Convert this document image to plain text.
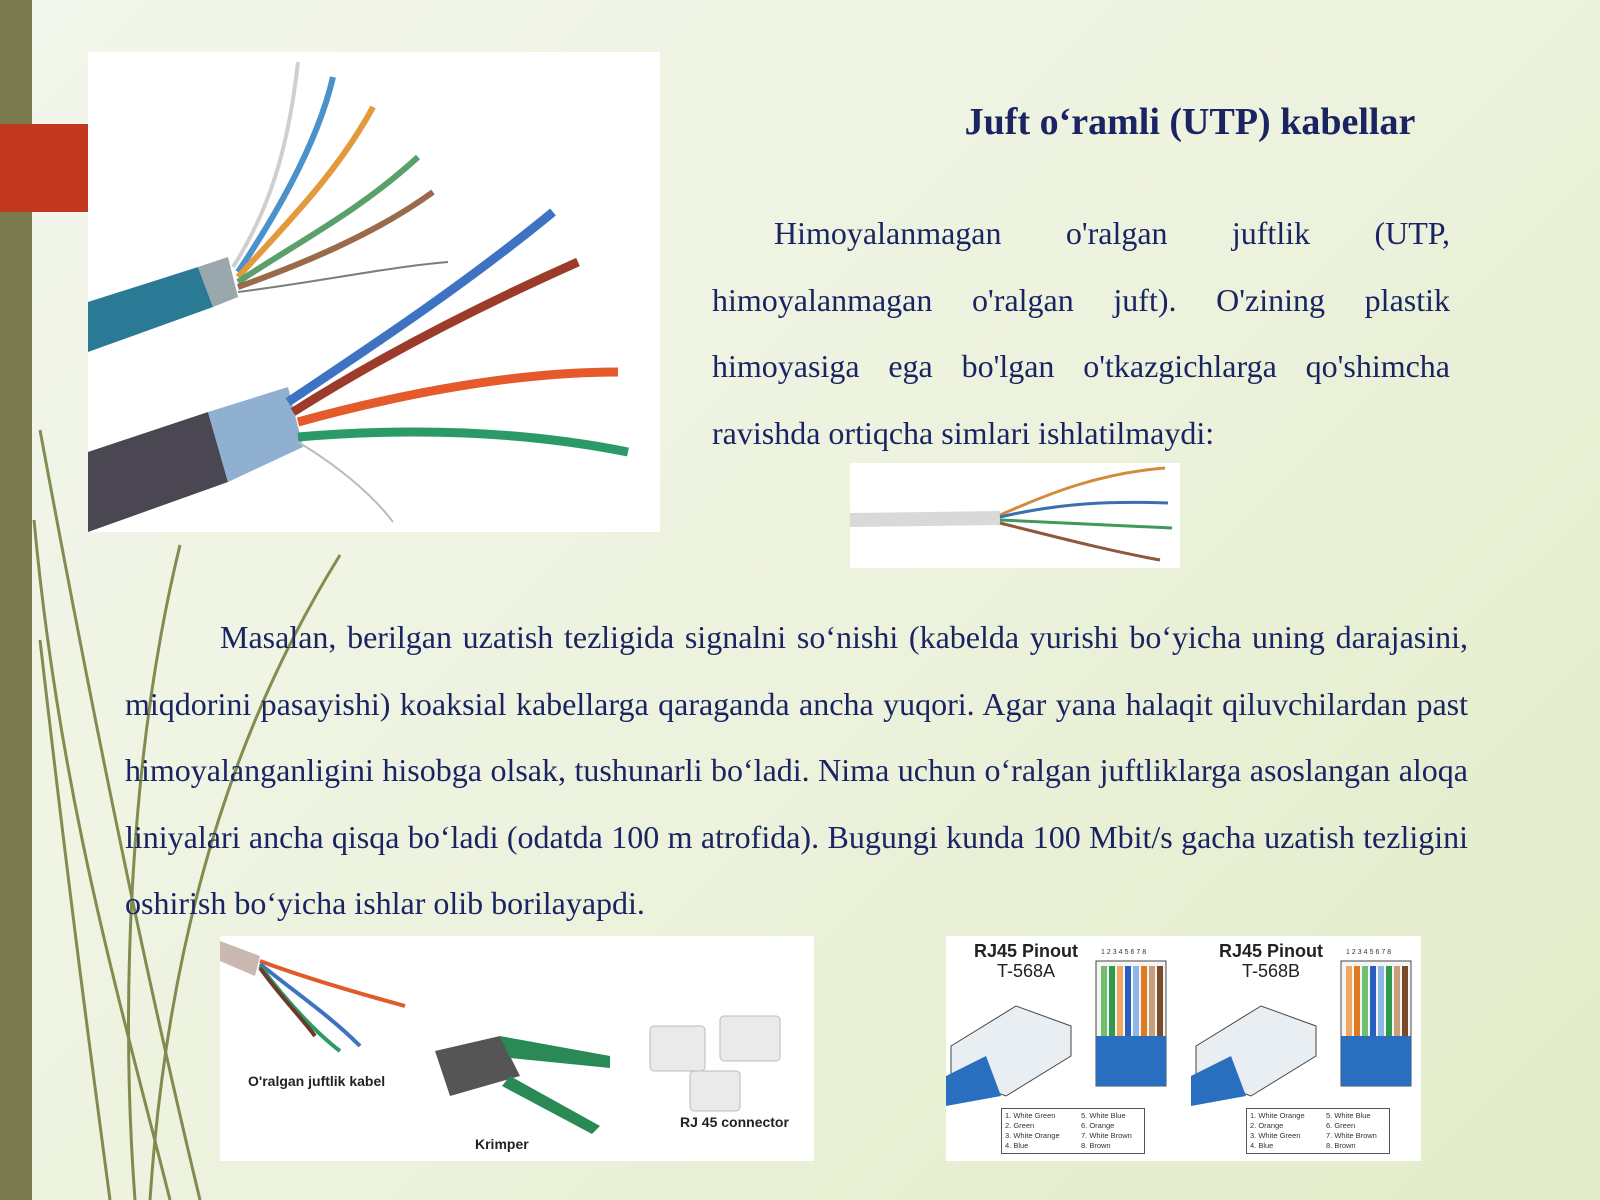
Juft o‘ramli (UTP) kabellar
Himoyalanmagan o'ralgan juftlik (UTP, himoyalanmagan o'ralgan juft). O'zining plastik himoyasiga ega bo'lgan o'tkazgichlarga qo'shimcha ravishda ortiqcha simlari ishlatilmaydi:
Masalan, berilgan uzatish tezligida signalni so‘nishi (kabelda yurishi bo‘yicha uning darajasini, miqdorini pasayishi) koaksial kabellarga qaraganda ancha yuqori. Agar yana halaqit qiluvchilardan past himoyalanganligini hisobga olsak, tushunarli bo‘ladi. Nima uchun o‘ralgan juftliklarga asoslangan aloqa liniyalari ancha qisqa bo‘ladi (odatda 100 m atrofida). Bugungi kunda 100 Mbit/s gacha uzatish tezligini oshirish bo‘yicha ishlar olib borilayapdi.
O'ralgan juftlik kabel
Krimper
RJ 45 connector
RJ45 Pinout
T-568A
RJ45 Pinout
T-568B
12345678	12345678
1. White Green	5. White Blue
2. Green	6. Orange
3. White Orange	7. White Brown
4. Blue	8. Brown
1. White Orange	5. White Blue
2. Orange	6. Green
3. White Green	7. White Brown
4. Blue	8. Brown
